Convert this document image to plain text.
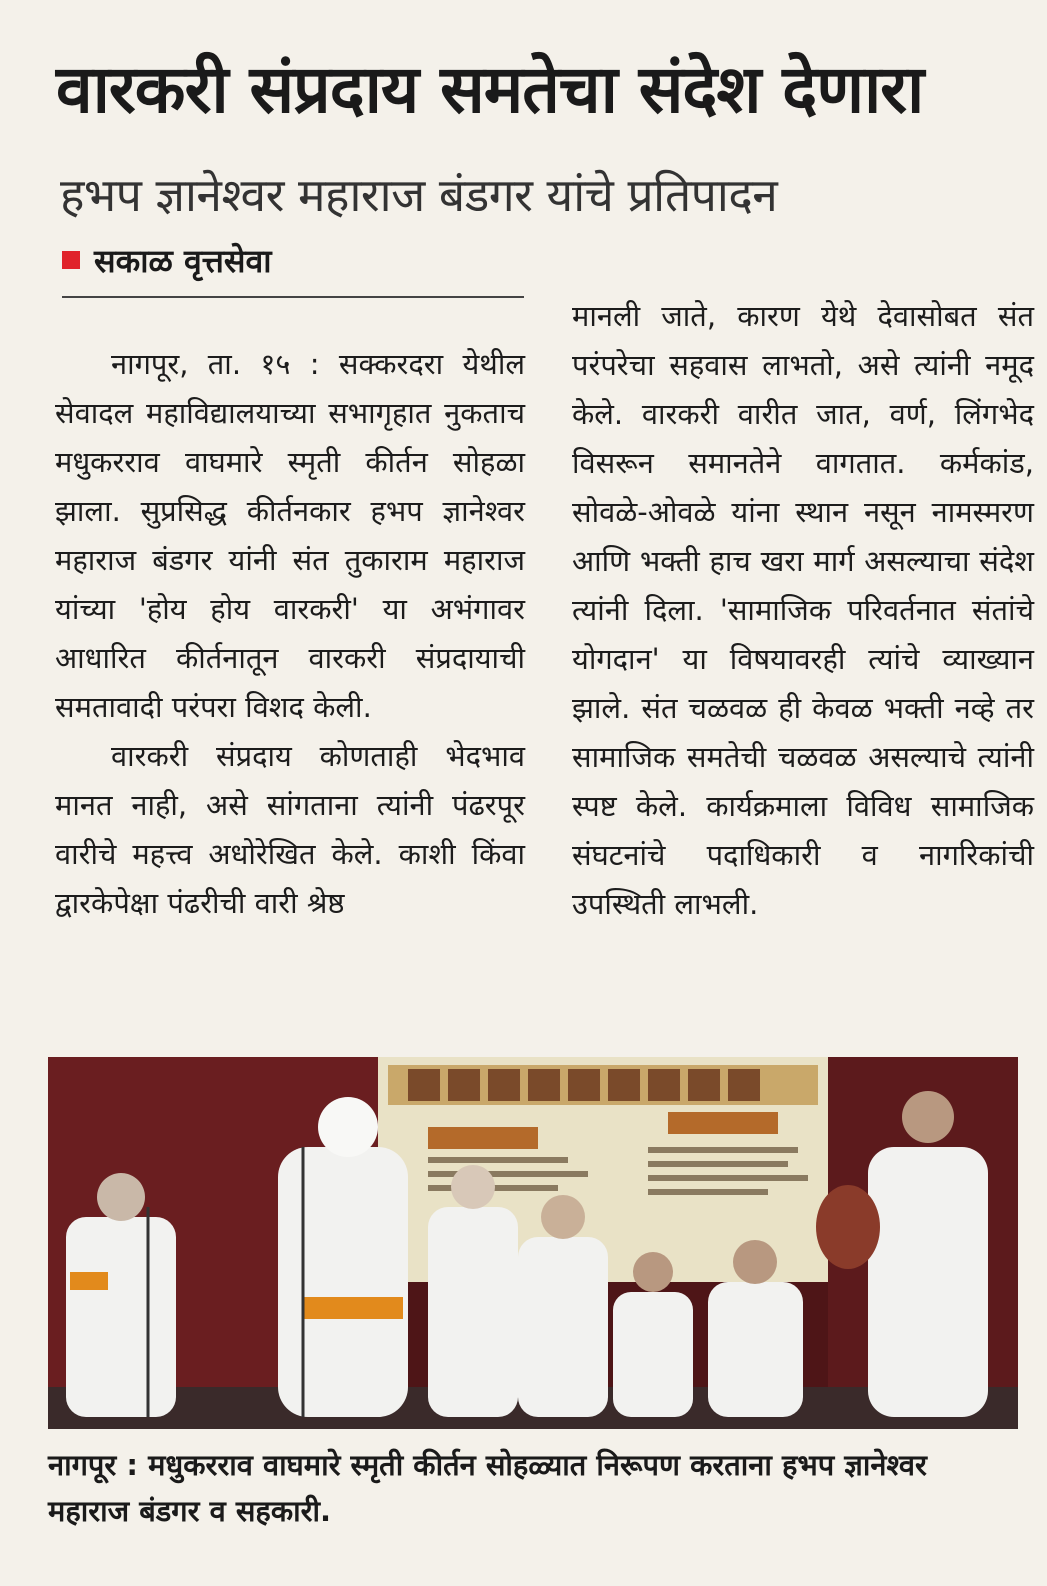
वारकरी संप्रदाय समतेचा संदेश देणारा
हभप ज्ञानेश्वर महाराज बंडगर यांचे प्रतिपादन
सकाळ वृत्तसेवा

नागपूर, ता. १५ : सक्करदरा येथील सेवादल महाविद्यालयाच्या सभागृहात नुकताच मधुकरराव वाघमारे स्मृती कीर्तन सोहळा झाला. सुप्रसिद्ध कीर्तनकार हभप ज्ञानेश्वर महाराज बंडगर यांनी संत तुकाराम महाराज यांच्या 'होय होय वारकरी' या अभंगावर आधारित कीर्तनातून वारकरी संप्रदायाची समतावादी परंपरा विशद केली.

वारकरी संप्रदाय कोणताही भेदभाव मानत नाही, असे सांगताना त्यांनी पंढरपूर वारीचे महत्त्व अधोरेखित केले. काशी किंवा द्वारकेपेक्षा पंढरीची वारी श्रेष्ठ

मानली जाते, कारण येथे देवासोबत संत परंपरेचा सहवास लाभतो, असे त्यांनी नमूद केले. वारकरी वारीत जात, वर्ण, लिंगभेद विसरून समानतेने वागतात. कर्मकांड, सोवळे-ओवळे यांना स्थान नसून नामस्मरण आणि भक्ती हाच खरा मार्ग असल्याचा संदेश त्यांनी दिला. 'सामाजिक परिवर्तनात संतांचे योगदान' या विषयावरही त्यांचे व्याख्यान झाले. संत चळवळ ही केवळ भक्ती नव्हे तर सामाजिक समतेची चळवळ असल्याचे त्यांनी स्पष्ट केले. कार्यक्रमाला विविध सामाजिक संघटनांचे पदाधिकारी व नागरिकांची उपस्थिती लाभली.

नागपूर : मधुकरराव वाघमारे स्मृती कीर्तन सोहळ्यात निरूपण करताना हभप ज्ञानेश्वर महाराज बंडगर व सहकारी.
